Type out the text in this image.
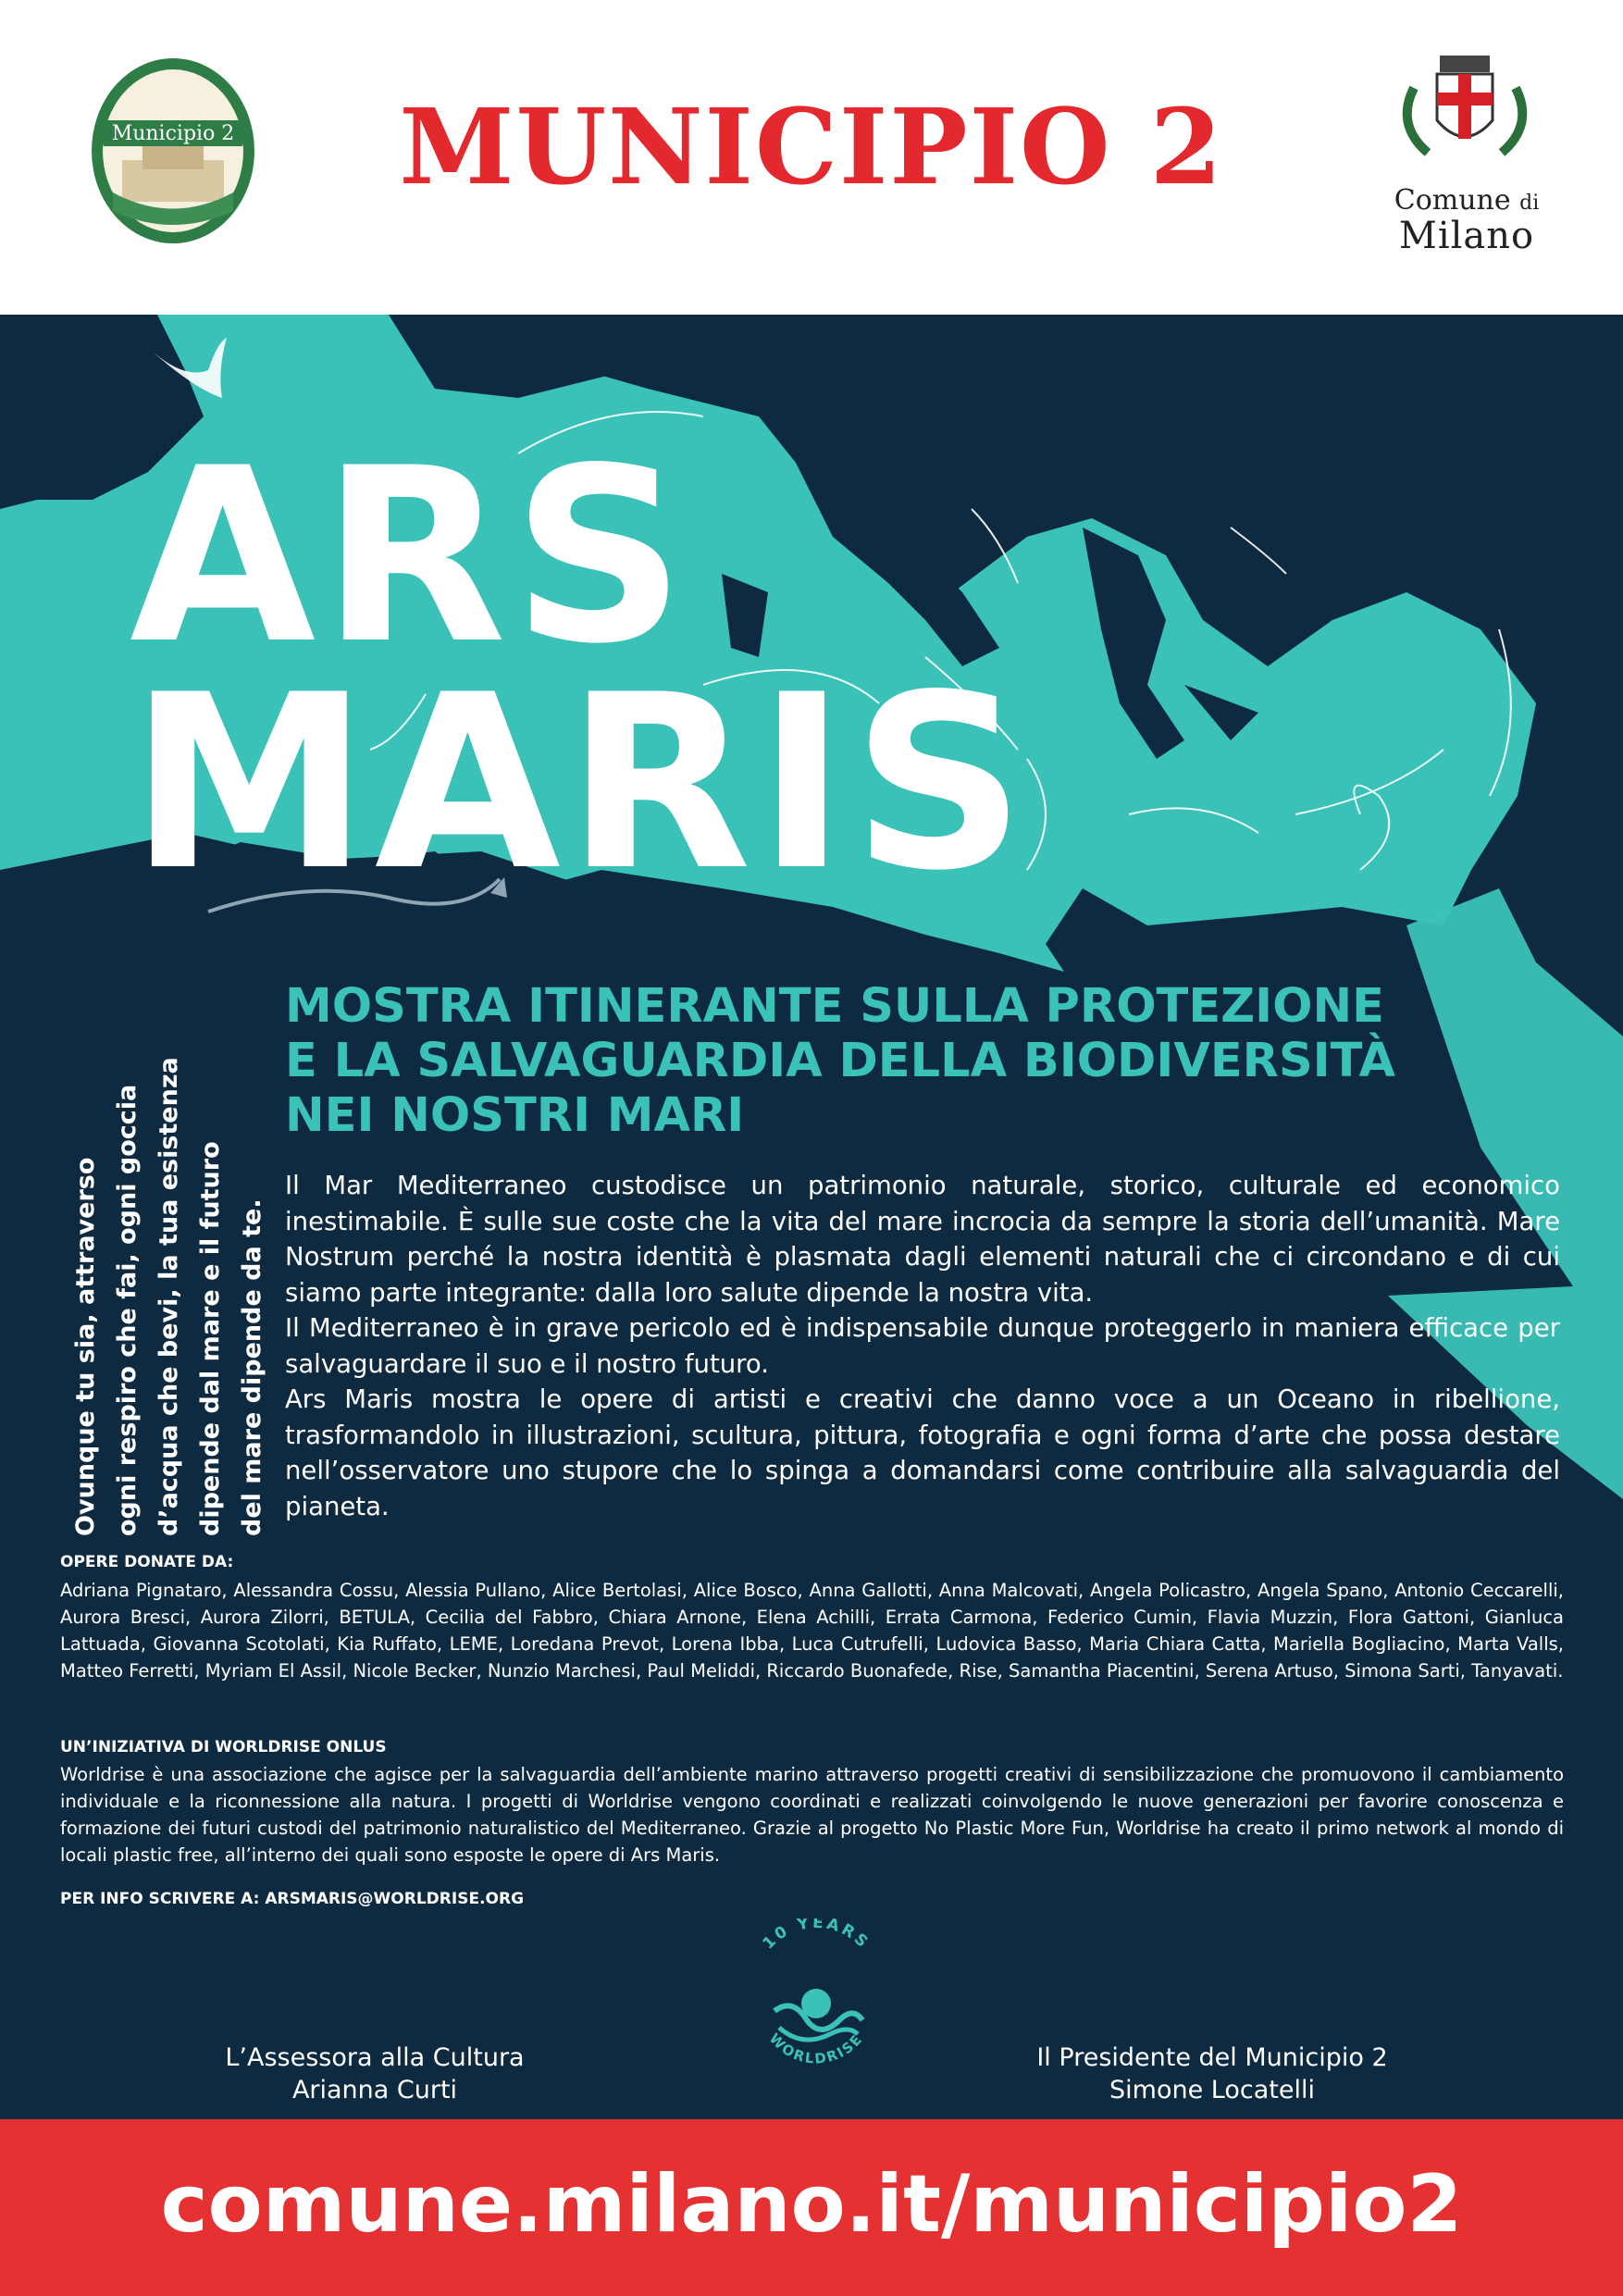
Municipio 2	MUNICIPIO 2	Comune di
Milano
ARS
MARIS
MOSTRA ITINERANTE SULLA PROTEZIONE
E LA SALVAGUARDIA DELLA BIODIVERSITÀ
NEI NOSTRI MARI
Ovunque tu sia, attraverso ogni respiro che fai, ogni goccia d’acqua che bevi, la tua esistenza dipende dal mare e il futuro del mare dipende da te.

Il Mar Mediterraneo custodisce un patrimonio naturale, storico, culturale ed economico inestimabile. È sulle sue coste che la vita del mare incrocia da sempre la storia dell’umanità. Mare Nostrum perché la nostra identità è plasmata dagli elementi naturali che ci circondano e di cui siamo parte integrante: dalla loro salute dipende la nostra vita.

Il Mediterraneo è in grave pericolo ed è indispensabile dunque proteggerlo in maniera efficace per salvaguardare il suo e il nostro futuro.

Ars Maris mostra le opere di artisti e creativi che danno voce a un Oceano in ribellione, trasformandolo in illustrazioni, scultura, pittura, fotografia e ogni forma d’arte che possa destare nell’osservatore uno stupore che lo spinga a domandarsi come contribuire alla salvaguardia del pianeta.

OPERE DONATE DA:
Adriana Pignataro, Alessandra Cossu, Alessia Pullano, Alice Bertolasi, Alice Bosco, Anna Gallotti, Anna Malcovati, Angela Policastro, Angela Spano, Antonio Ceccarelli, Aurora Bresci, Aurora Zilorri, BETULA, Cecilia del Fabbro, Chiara Arnone, Elena Achilli, Errata Carmona, Federico Cumin, Flavia Muzzin, Flora Gattoni, Gianluca Lattuada, Giovanna Scotolati, Kia Ruffato, LEME, Loredana Prevot, Lorena Ibba, Luca Cutrufelli, Ludovica Basso, Maria Chiara Catta, Mariella Bogliacino, Marta Valls, Matteo Ferretti, Myriam El Assil, Nicole Becker, Nunzio Marchesi, Paul Meliddi, Riccardo Buonafede, Rise, Samantha Piacentini, Serena Artuso, Simona Sarti, Tanyavati.
UN’INIZIATIVA DI WORLDRISE ONLUS
Worldrise è una associazione che agisce per la salvaguardia dell’ambiente marino attraverso progetti creativi di sensibilizzazione che promuovono il cambiamento individuale e la riconnessione alla natura. I progetti di Worldrise vengono coordinati e realizzati coinvolgendo le nuove generazioni per favorire conoscenza e formazione dei futuri custodi del patrimonio naturalistico del Mediterraneo. Grazie al progetto No Plastic More Fun, Worldrise ha creato il primo network al mondo di locali plastic free, all’interno dei quali sono esposte le opere di Ars Maris.
PER INFO SCRIVERE A: ARSMARIS@WORLDRISE.ORG
10 YEARS
WORLDRISE
L’Assessora alla Cultura
Arianna Curti
Il Presidente del Municipio 2
Simone Locatelli
comune.milano.it/municipio2
